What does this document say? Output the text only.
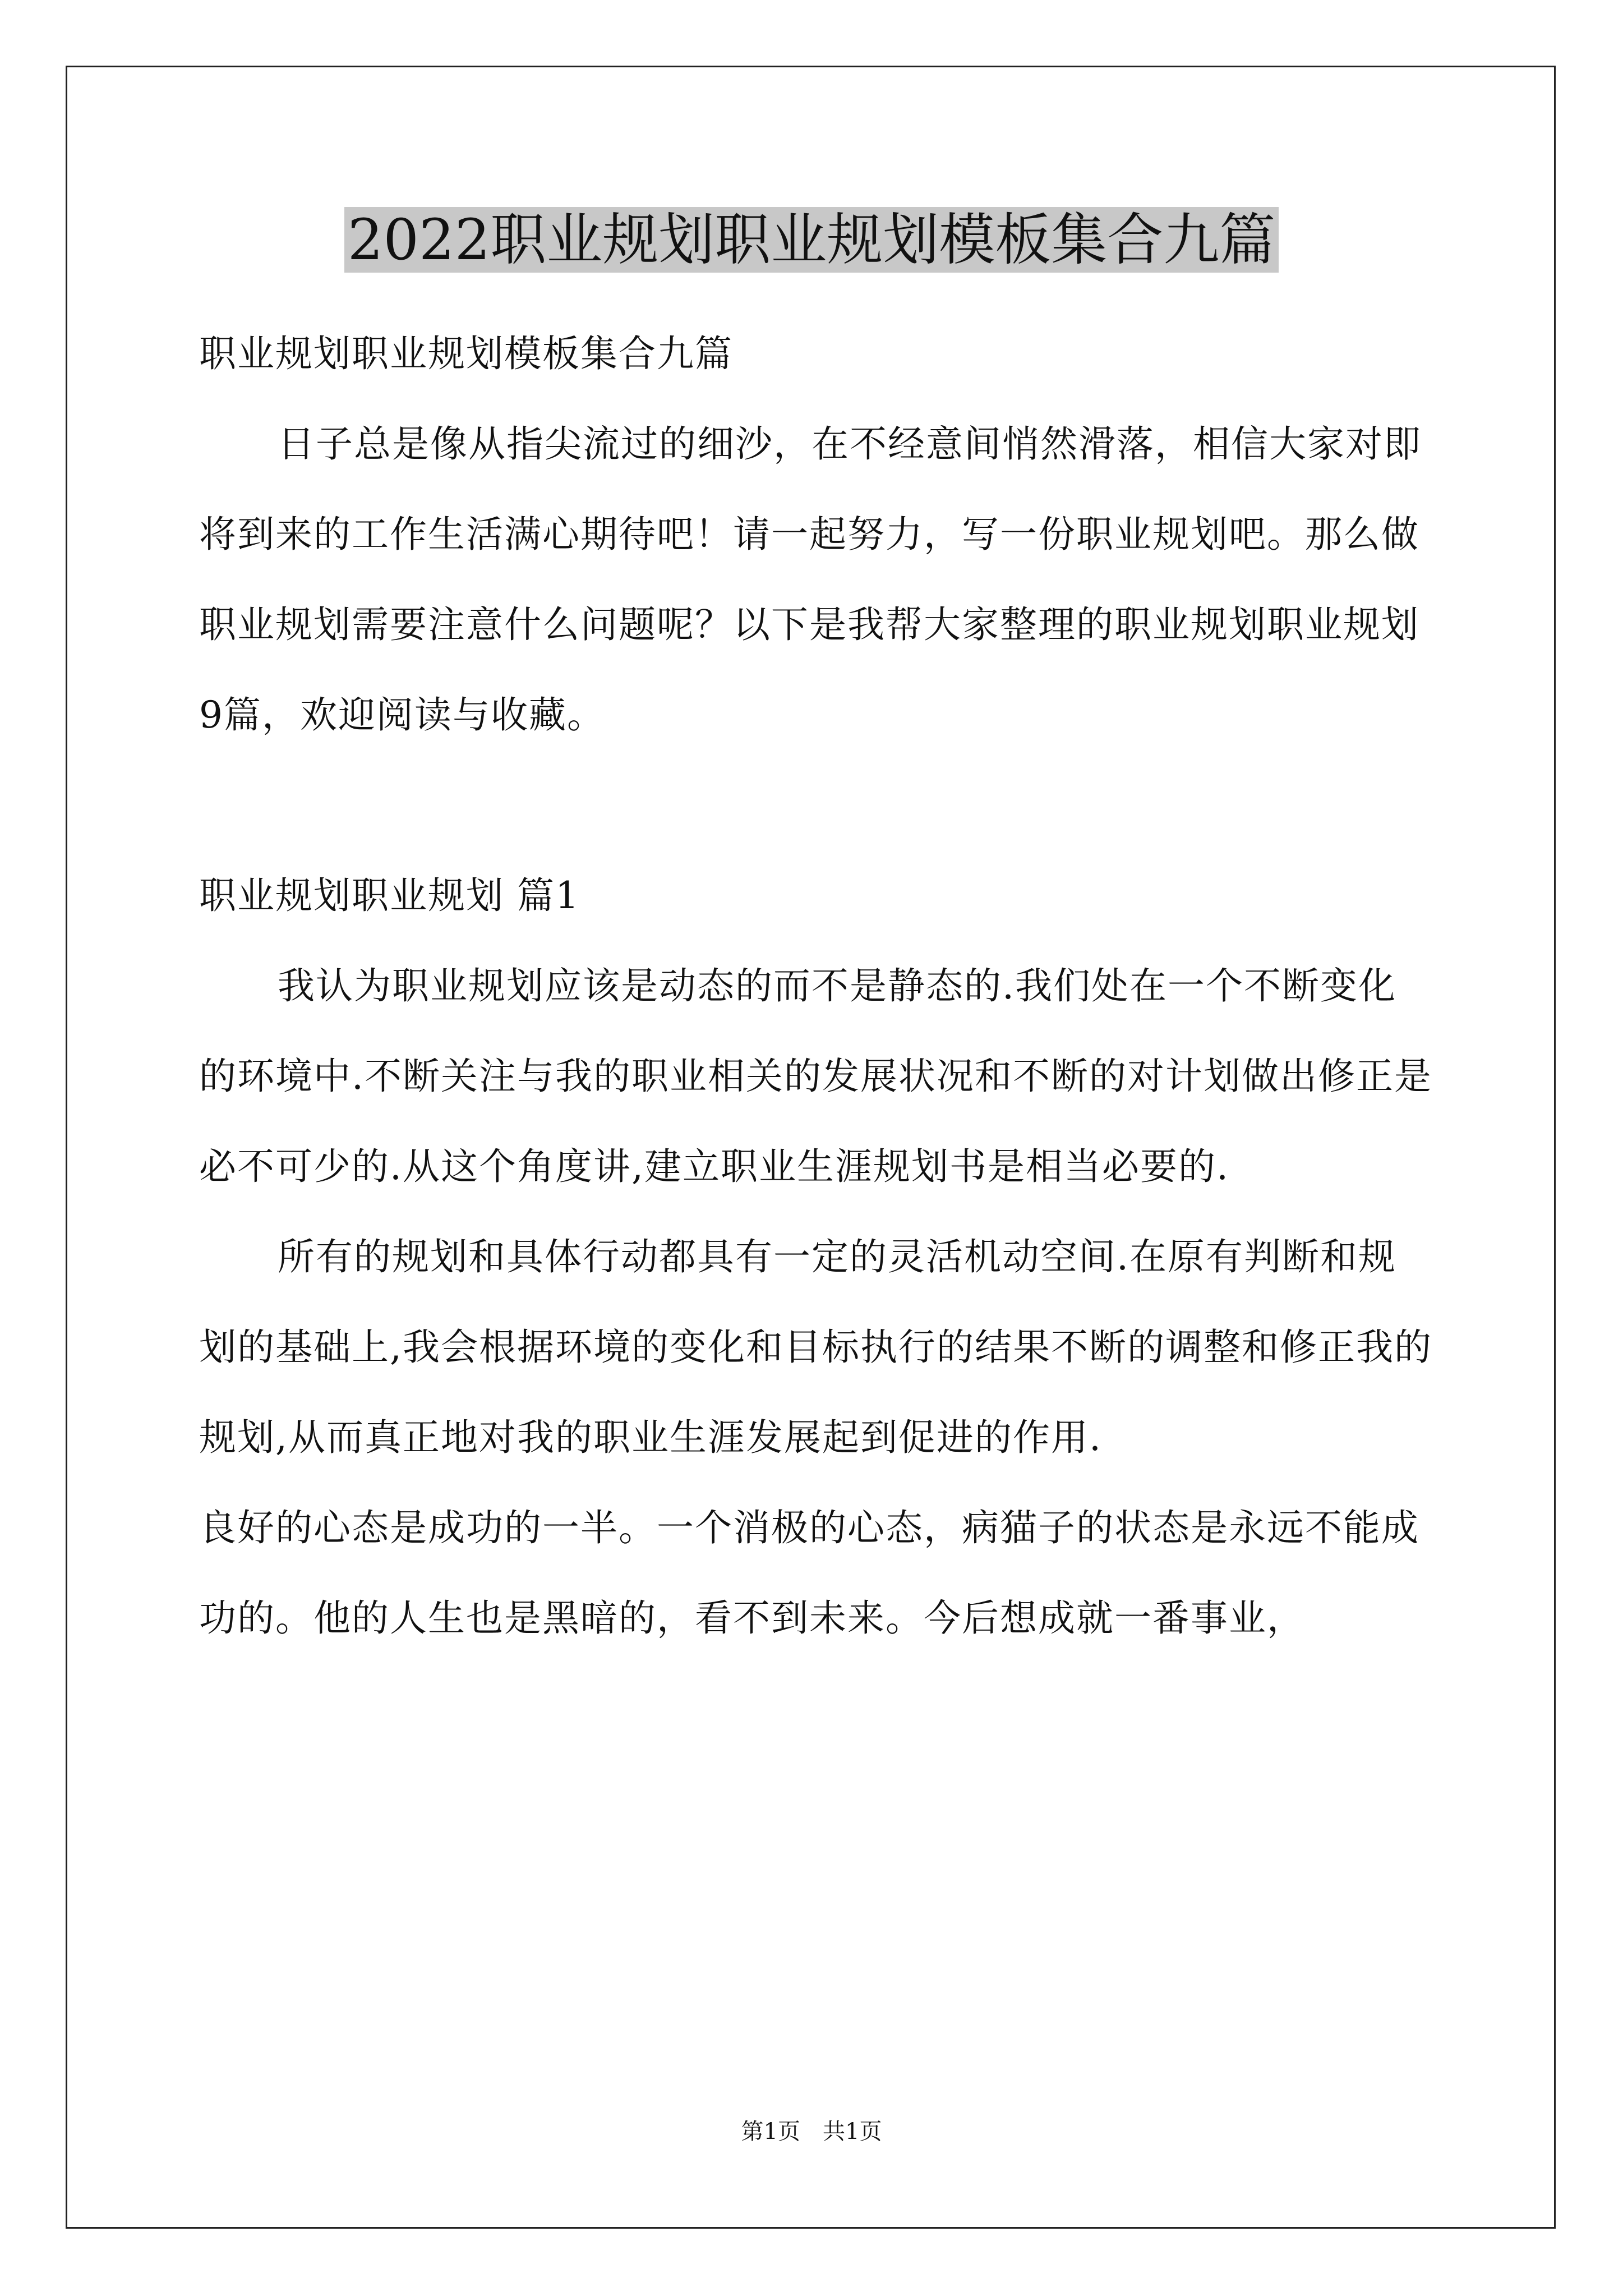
2022职业规划职业规划模板集合九篇

职业规划职业规划模板集合九篇

日子总是像从指尖流过的细沙，在不经意间悄然滑落，相信大家对即将到来的工作生活满心期待吧！请一起努力，写一份职业规划吧。那么做职业规划需要注意什么问题呢？以下是我帮大家整理的职业规划职业规划9篇，欢迎阅读与收藏。

职业规划职业规划 篇1

我认为职业规划应该是动态的而不是静态的.我们处在一个不断变化的环境中.不断关注与我的职业相关的发展状况和不断的对计划做出修正是必不可少的.从这个角度讲,建立职业生涯规划书是相当必要的.

所有的规划和具体行动都具有一定的灵活机动空间.在原有判断和规划的基础上,我会根据环境的变化和目标执行的结果不断的调整和修正我的规划,从而真正地对我的职业生涯发展起到促进的作用.

良好的心态是成功的一半。一个消极的心态，病猫子的状态是永远不能成功的。他的人生也是黑暗的，看不到未来。今后想成就一番事业，

第1页　共1页
